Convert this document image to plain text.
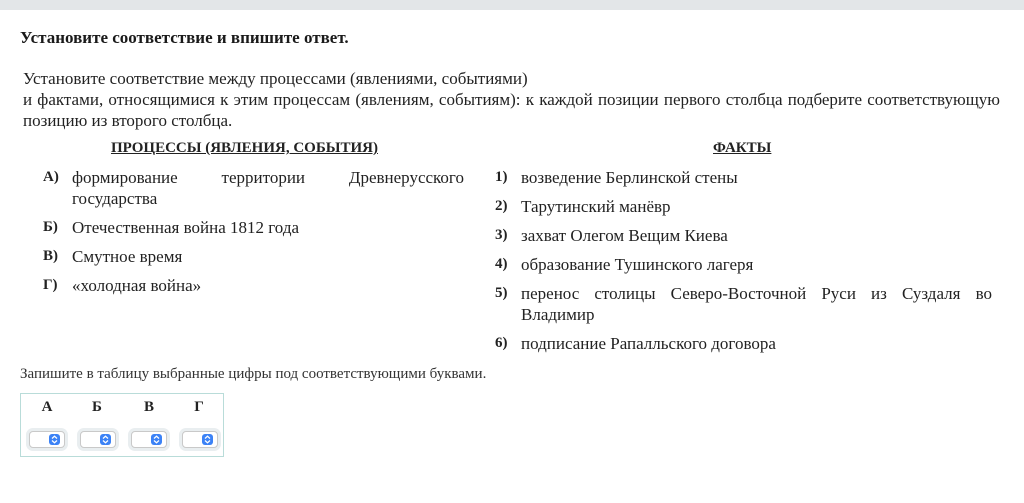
Установите соответствие и впишите ответ.

Установите соответствие между процессами (явлениями, событиями)

и фактами, относящимися к этим процессам (явлениям, событиям): к каждой позиции первого столбца подберите соответствующую позицию из второго столбца.

ПРОЦЕССЫ (ЯВЛЕНИЯ, СОБЫТИЯ)	ФАКТЫ
А) формирование территории Древнерусского государства
Б) Отечественная война 1812 года
В) Смутное время
Г) «холодная война»
1) возведение Берлинской стены
2) Тарутинский манёвр
3) захват Олегом Вещим Киева
4) образование Тушинского лагеря
5) перенос столицы Северо-Восточной Руси из Суздаля во Владимир
6) подписание Рапалльского договора
Запишите в таблицу выбранные цифры под соответствующими буквами.
А	Б	В	Г
